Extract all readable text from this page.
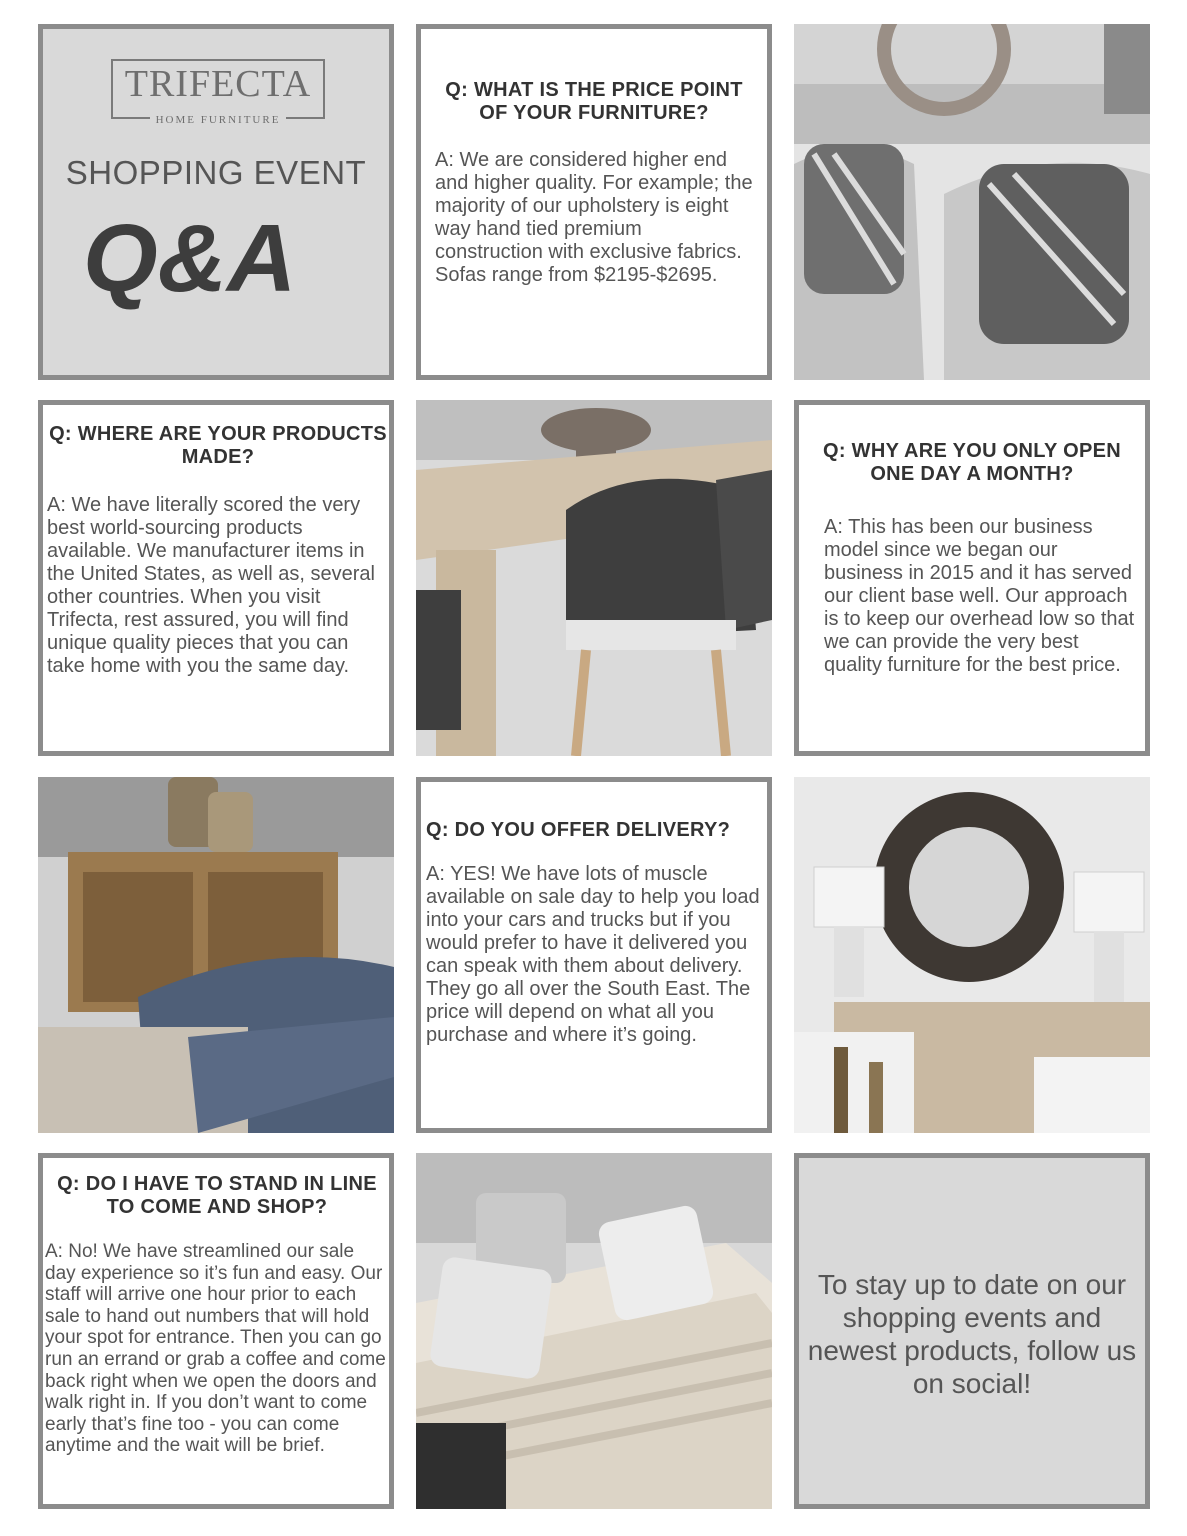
TRIFECTA
HOME FURNITURE
SHOPPING EVENT
Q&A
Q: WHAT IS THE PRICE POINT OF YOUR FURNITURE?
A: We are considered higher end and higher quality. For example; the majority of our upholstery is eight way hand tied premium construction with exclusive fabrics. Sofas range from $2195-$2695.
Q: WHERE ARE YOUR PRODUCTS MADE?
A: We have literally scored the very best world-sourcing products available. We manufacturer items in the United States, as well as, several other countries. When you visit Trifecta, rest assured, you will find unique quality pieces that you can take home with you the same day.
Q: WHY ARE YOU ONLY OPEN ONE DAY A MONTH?
A: This has been our business model since we began our business in 2015 and it has served our client base well. Our approach is to keep our overhead low so that we can provide the very best quality furniture for the best price.
Q: DO YOU OFFER DELIVERY?
A: YES! We have lots of muscle available on sale day to help you load into your cars and trucks but if you would prefer to have it delivered you can speak with them about delivery. They go all over the South East. The price will depend on what all you purchase and where it’s going.
Q: DO I HAVE TO STAND IN LINE TO COME AND SHOP?
A: No! We have streamlined our sale day experience so it’s fun and easy. Our staff will arrive one hour prior to each sale to hand out numbers that will hold your spot for entrance. Then you can go run an errand or grab a coffee and come back right when we open the doors and walk right in. If you don’t want to come early that’s fine too - you can come anytime and the wait will be brief.
To stay up to date on our shopping events and newest products, follow us on social!
